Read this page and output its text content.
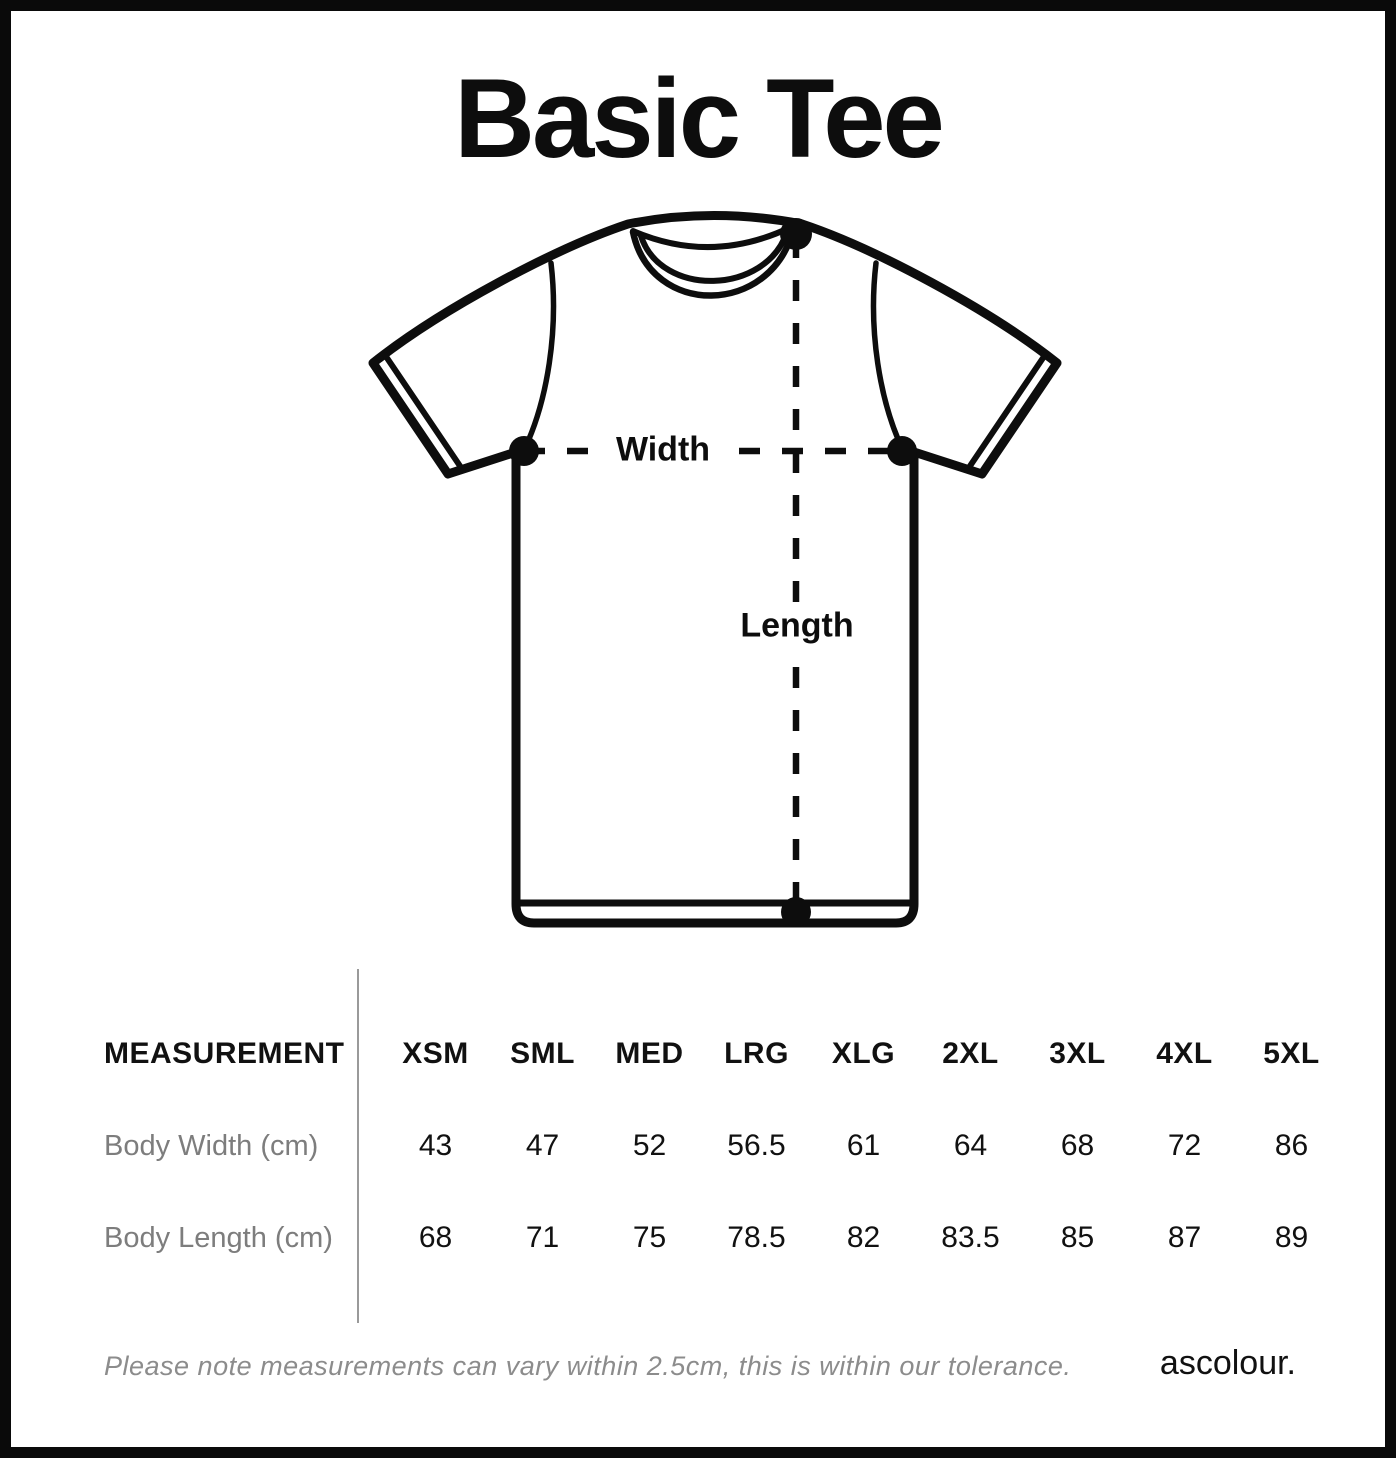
Basic Tee
Width
Length
MEASUREMENT	XSM	SML	MED	LRG	XLG	2XL	3XL	4XL	5XL
Body Width (cm)	43	47	52	56.5	61	64	68	72	86
Body Length (cm)	68	71	75	78.5	82	83.5	85	87	89
Please note measurements can vary within 2.5cm, this is within our tolerance.	ascolour.
